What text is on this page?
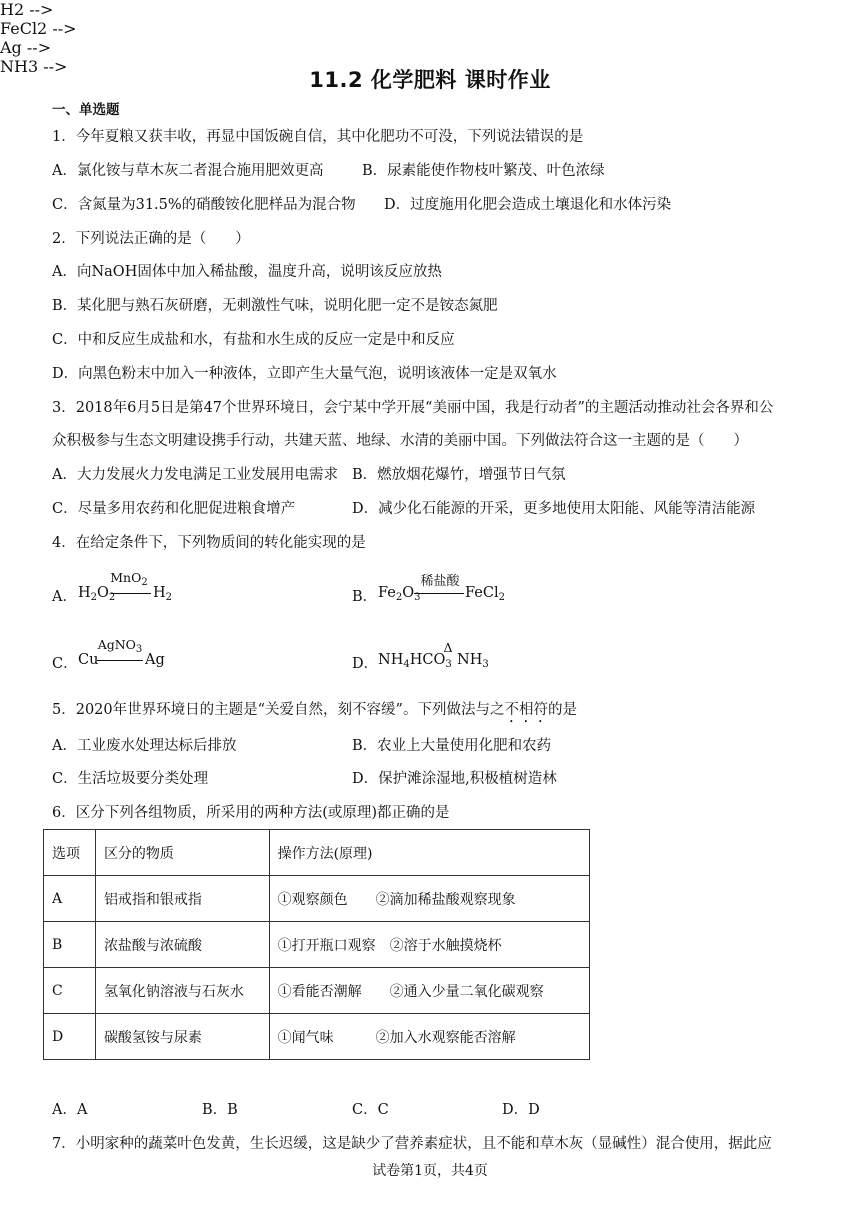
11.2 化学肥料 课时作业
一、单选题
1．今年夏粮又获丰收，再显中国饭碗自信，其中化肥功不可没，下列说法错误的是
A．氯化铵与草木灰二者混合施用肥效更高	B．尿素能使作物枝叶繁茂、叶色浓绿
C．含氮量为31.5%的硝酸铵化肥样品为混合物 D．过度施用化肥会造成土壤退化和水体污染
2．下列说法正确的是（　　）
A．向NaOH固体中加入稀盐酸，温度升高，说明该反应放热
B．某化肥与熟石灰研磨，无刺激性气味，说明化肥一定不是铵态氮肥
C．中和反应生成盐和水，有盐和水生成的反应一定是中和反应
D．向黑色粉末中加入一种液体，立即产生大量气泡，说明该液体一定是双氧水
3．2018年6月5日是第47个世界环境日，会宁某中学开展“美丽中国，我是行动者”的主题活动推动社会各界和公
众积极参与生态文明建设携手行动，共建天蓝、地绿、水清的美丽中国。下列做法符合这一主题的是（　　）
A．大力发展火力发电满足工业发展用电需求 B．燃放烟花爆竹，增强节日气氛
C．尽量多用农药和化肥促进粮食增产	D．减少化石能源的开采，更多地使用太阳能、风能等清洁能源
4．在给定条件下，下列物质间的转化能实现的是
H2 -->
A． $H_2O_2$
MnO$_2$
$H_2$
FeCl2 -->
B． $Fe_2O_3$
稀盐酸
FeCl$_2$
Ag -->
C． Cu
AgNO$_3$
Ag
NH3 -->
D． $NH_4HCO_3$
Δ
$NH_3$
5．2020年世界环境日的主题是“关爱自然，刻不容缓”。下列做法与之不相符的是
A．工业废水处理达标后排放	B．农业上大量使用化肥和农药
C．生活垃圾要分类处理	D．保护滩涂湿地,积极植树造林
6．区分下列各组物质，所采用的两种方法(或原理)都正确的是
选项	区分的物质	操作方法(原理)
A	铝戒指和银戒指	①观察颜色　　②滴加稀盐酸观察现象
B	浓盐酸与浓硫酸	①打开瓶口观察　②溶于水触摸烧杯
C	氢氧化钠溶液与石灰水	①看能否潮解　　②通入少量二氧化碳观察
D	碳酸氢铵与尿素	①闻气味　　　②加入水观察能否溶解
A．A	B．B	C．C	D．D
7．小明家种的蔬菜叶色发黄，生长迟缓，这是缺少了营养素症状，且不能和草木灰（显碱性）混合使用，据此应
试卷第1页，共4页
